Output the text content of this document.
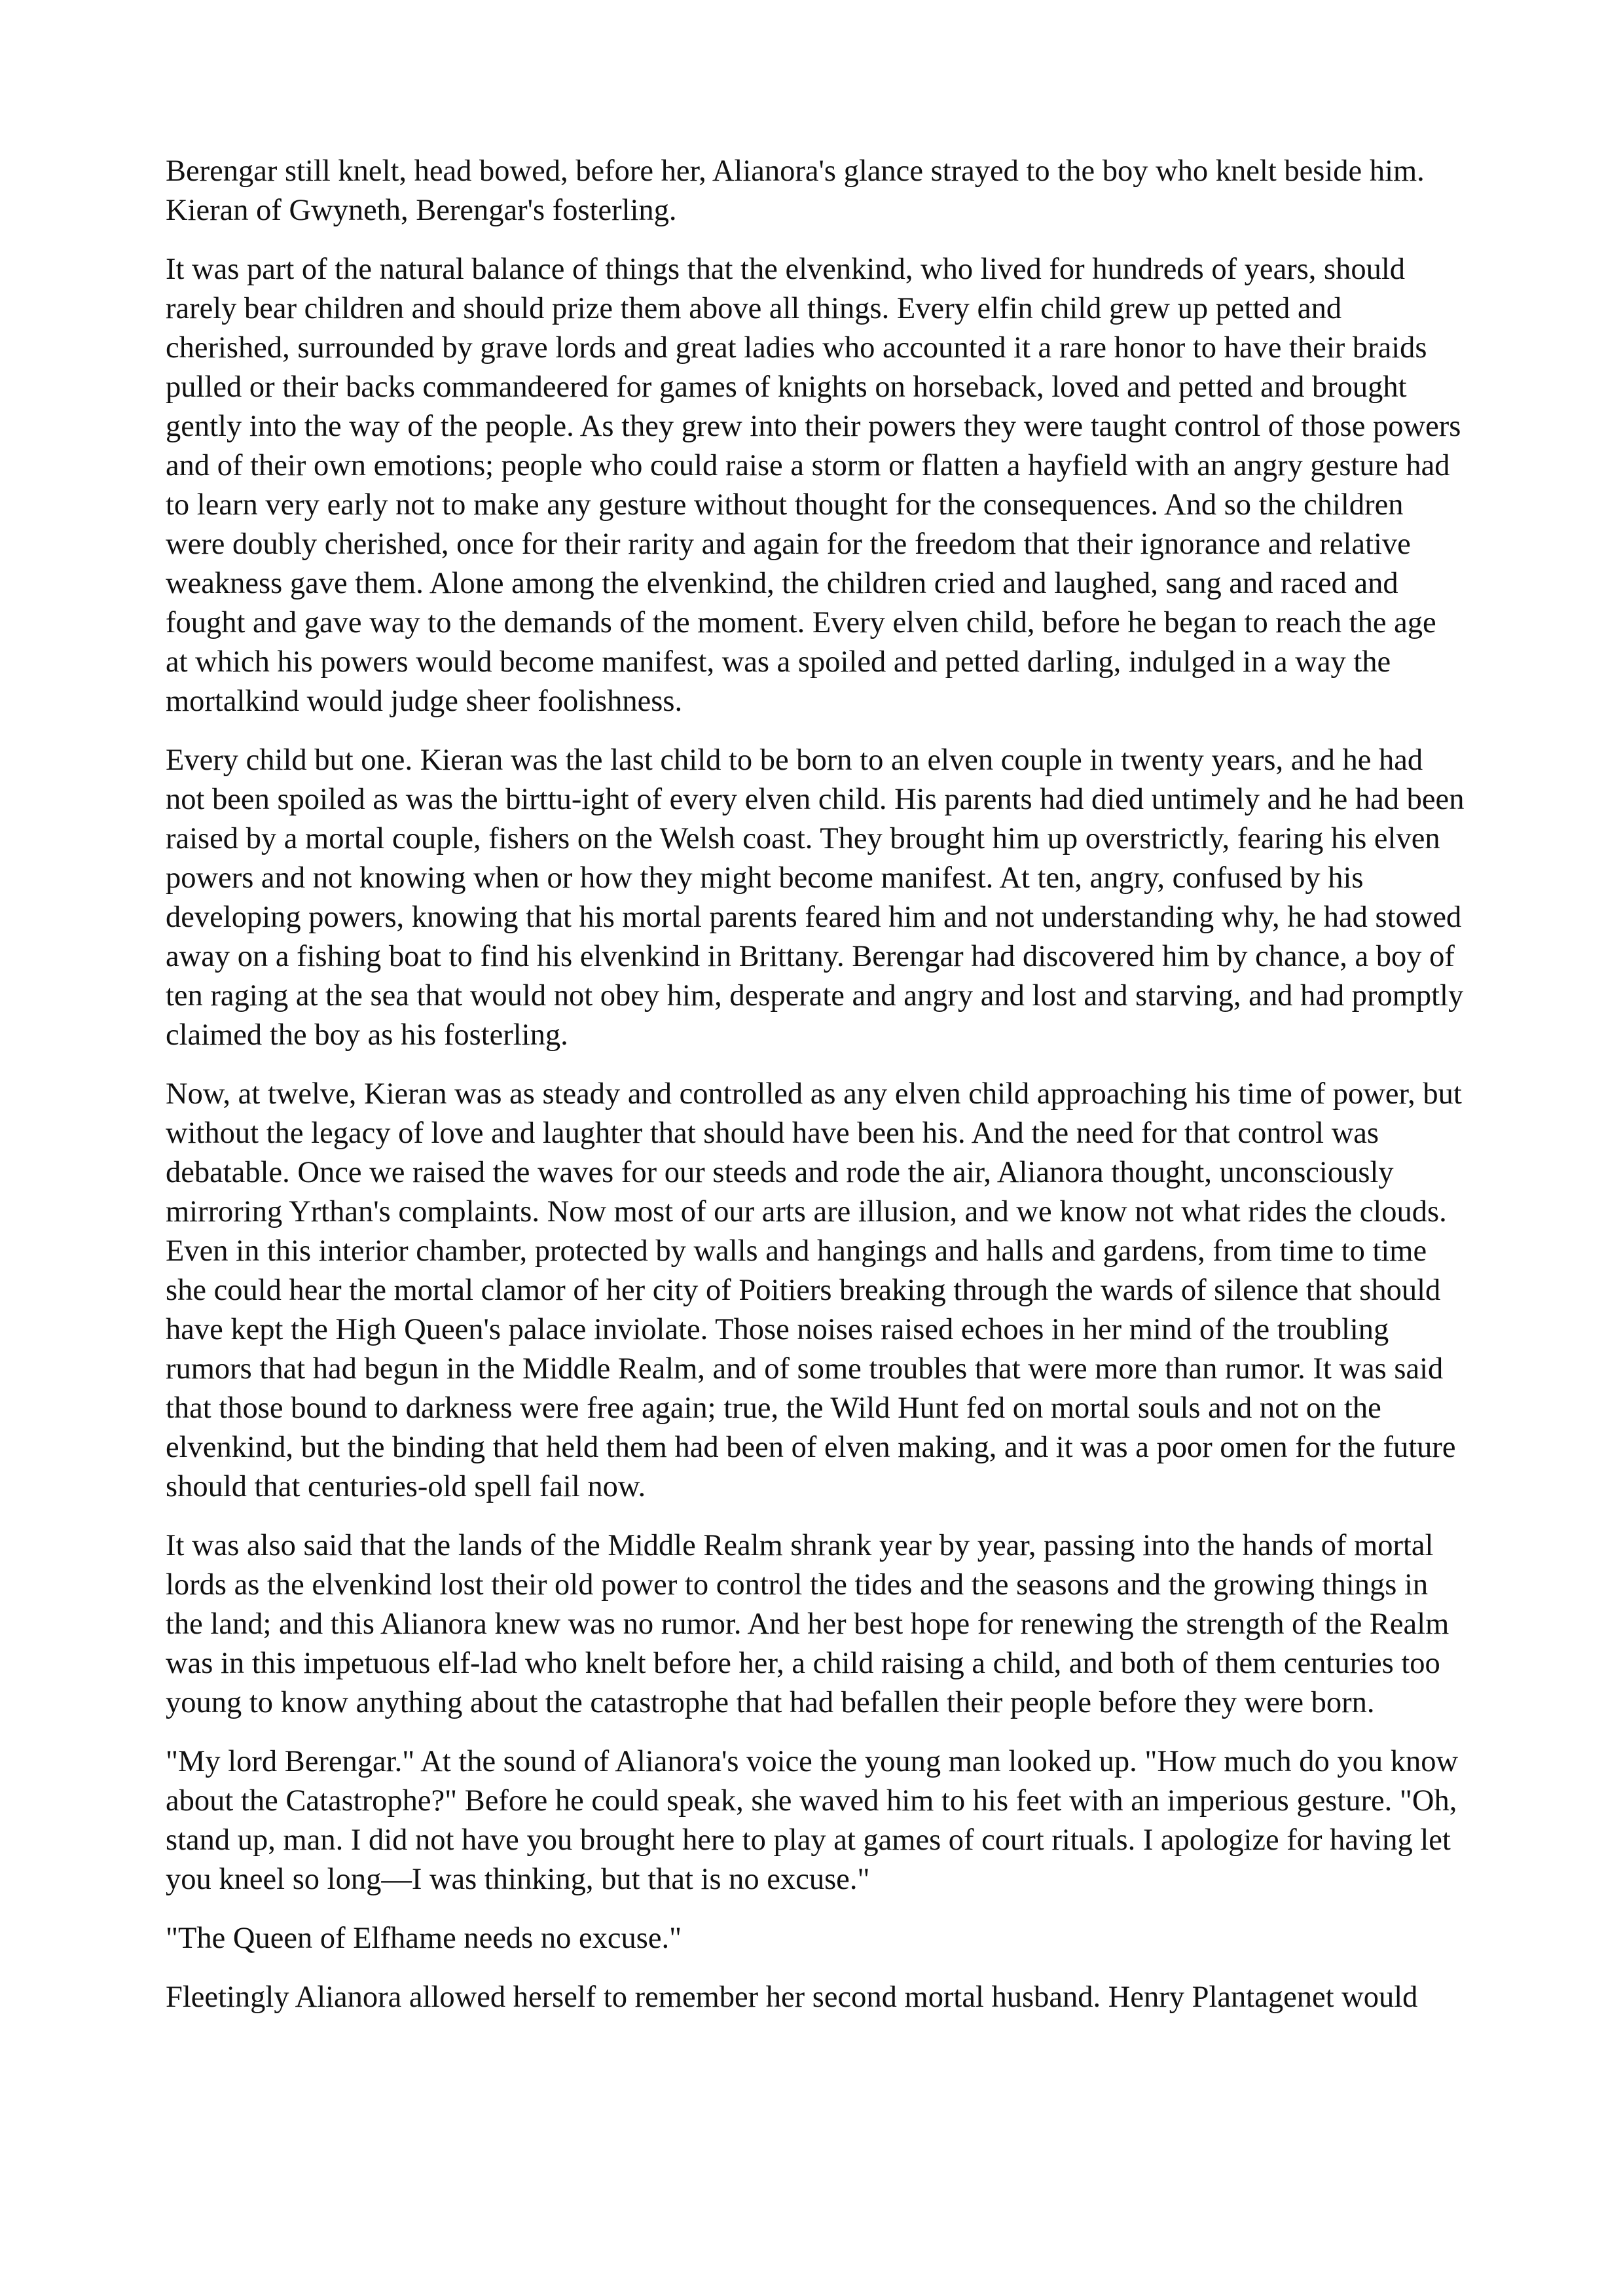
Berengar still knelt, head bowed, before her, Alianora's glance strayed to the boy who knelt beside him. Kieran of Gwyneth, Berengar's fosterling.

It was part of the natural balance of things that the elvenkind, who lived for hundreds of years, should rarely bear children and should prize them above all things. Every elfin child grew up petted and cherished, surrounded by grave lords and great ladies who accounted it a rare honor to have their braids pulled or their backs commandeered for games of knights on horseback, loved and petted and brought gently into the way of the people. As they grew into their powers they were taught control of those powers and of their own emotions; people who could raise a storm or flatten a hayfield with an angry gesture had to learn very early not to make any gesture without thought for the consequences. And so the children were doubly cherished, once for their rarity and again for the freedom that their ignorance and relative weakness gave them. Alone among the elvenkind, the children cried and laughed, sang and raced and fought and gave way to the demands of the moment. Every elven child, before he began to reach the age at which his powers would become manifest, was a spoiled and petted darling, indulged in a way the mortalkind would judge sheer foolishness.

Every child but one. Kieran was the last child to be born to an elven couple in twenty years, and he had not been spoiled as was the birttu-ight of every elven child. His parents had died untimely and he had been raised by a mortal couple, fishers on the Welsh coast. They brought him up overstrictly, fearing his elven powers and not knowing when or how they might become manifest. At ten, angry, confused by his developing powers, knowing that his mortal parents feared him and not understanding why, he had stowed away on a fishing boat to find his elvenkind in Brittany. Berengar had discovered him by chance, a boy of ten raging at the sea that would not obey him, desperate and angry and lost and starving, and had promptly claimed the boy as his fosterling.

Now, at twelve, Kieran was as steady and controlled as any elven child approaching his time of power, but without the legacy of love and laughter that should have been his. And the need for that control was debatable. Once we raised the waves for our steeds and rode the air, Alianora thought, unconsciously mirroring Yrthan's complaints. Now most of our arts are illusion, and we know not what rides the clouds. Even in this interior chamber, protected by walls and hangings and halls and gardens, from time to time she could hear the mortal clamor of her city of Poitiers breaking through the wards of silence that should have kept the High Queen's palace inviolate. Those noises raised echoes in her mind of the troubling rumors that had begun in the Middle Realm, and of some troubles that were more than rumor. It was said that those bound to darkness were free again; true, the Wild Hunt fed on mortal souls and not on the elvenkind, but the binding that held them had been of elven making, and it was a poor omen for the future should that centuries-old spell fail now.

It was also said that the lands of the Middle Realm shrank year by year, passing into the hands of mortal lords as the elvenkind lost their old power to control the tides and the seasons and the growing things in the land; and this Alianora knew was no rumor. And her best hope for renewing the strength of the Realm was in this impetuous elf-lad who knelt before her, a child raising a child, and both of them centuries too young to know anything about the catastrophe that had befallen their people before they were born.

"My lord Berengar." At the sound of Alianora's voice the young man looked up. "How much do you know about the Catastrophe?" Before he could speak, she waved him to his feet with an imperious gesture. "Oh, stand up, man. I did not have you brought here to play at games of court rituals. I apologize for having let you kneel so long—I was thinking, but that is no excuse."

"The Queen of Elfhame needs no excuse."

Fleetingly Alianora allowed herself to remember her second mortal husband. Henry Plantagenet would
